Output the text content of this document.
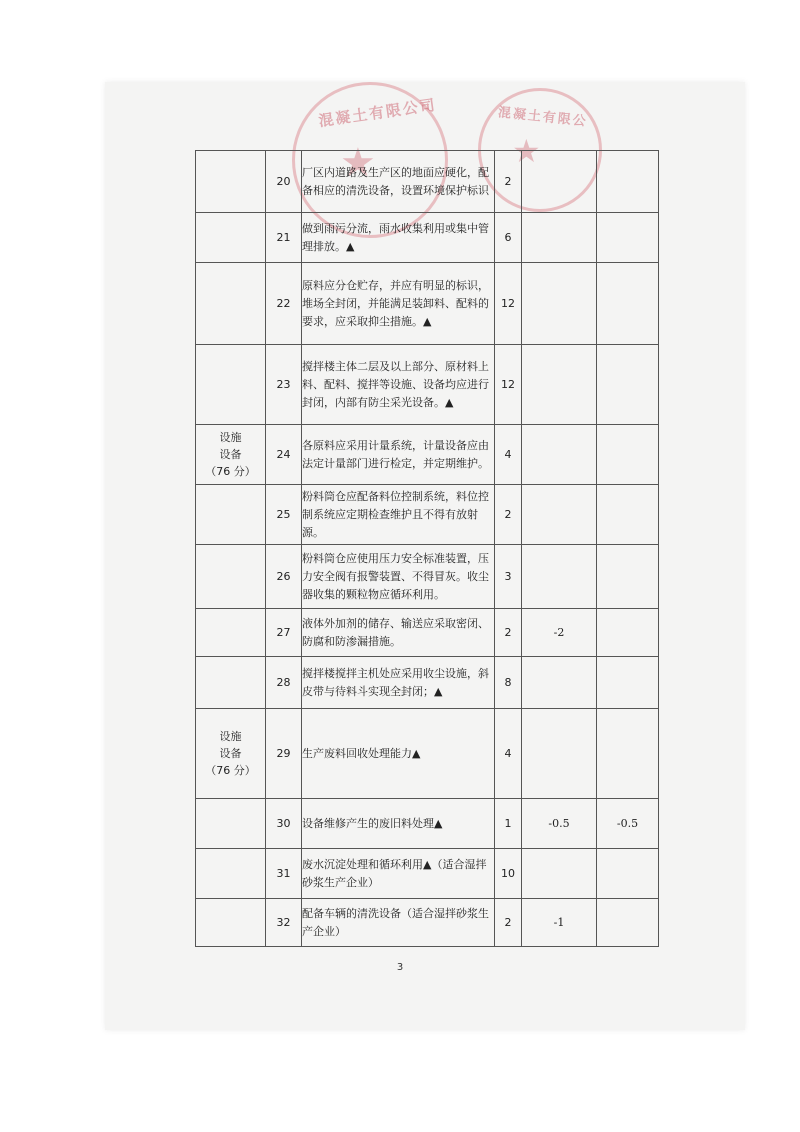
混凝土有限公司	混凝土有限公
★	★
	20	厂区内道路及生产区的地面应硬化，配备相应的清洗设备，设置环境保护标识	2		
	21	做到雨污分流，雨水收集利用或集中管理排放。▲	6		
	22	原料应分仓贮存，并应有明显的标识，堆场全封闭，并能满足装卸料、配料的要求，应采取抑尘措施。▲	12		
	23	搅拌楼主体二层及以上部分、原材料上料、配料、搅拌等设施、设备均应进行封闭，内部有防尘采光设备。▲	12		

设施
设备
（76 分）	24	各原料应采用计量系统，计量设备应由法定计量部门进行检定，并定期维护。	4		
	25	粉料筒仓应配备料位控制系统，料位控制系统应定期检查维护且不得有放射源。	2		
	26	粉料筒仓应使用压力安全标准装置，压力安全阀有报警装置、不得冒灰。收尘器收集的颗粒物应循环利用。	3		
	27	液体外加剂的储存、输送应采取密闭、防腐和防渗漏措施。	2	-2	
	28	搅拌楼搅拌主机处应采用收尘设施，斜皮带与待料斗实现全封闭；▲	8		

设施
设备
（76 分）	29	生产废料回收处理能力▲	4		
	30	设备维修产生的废旧料处理▲	1	-0.5	-0.5
	31	废水沉淀处理和循环利用▲（适合湿拌砂浆生产企业）	10		
	32	配备车辆的清洗设备（适合湿拌砂浆生产企业）	2	-1	
3
